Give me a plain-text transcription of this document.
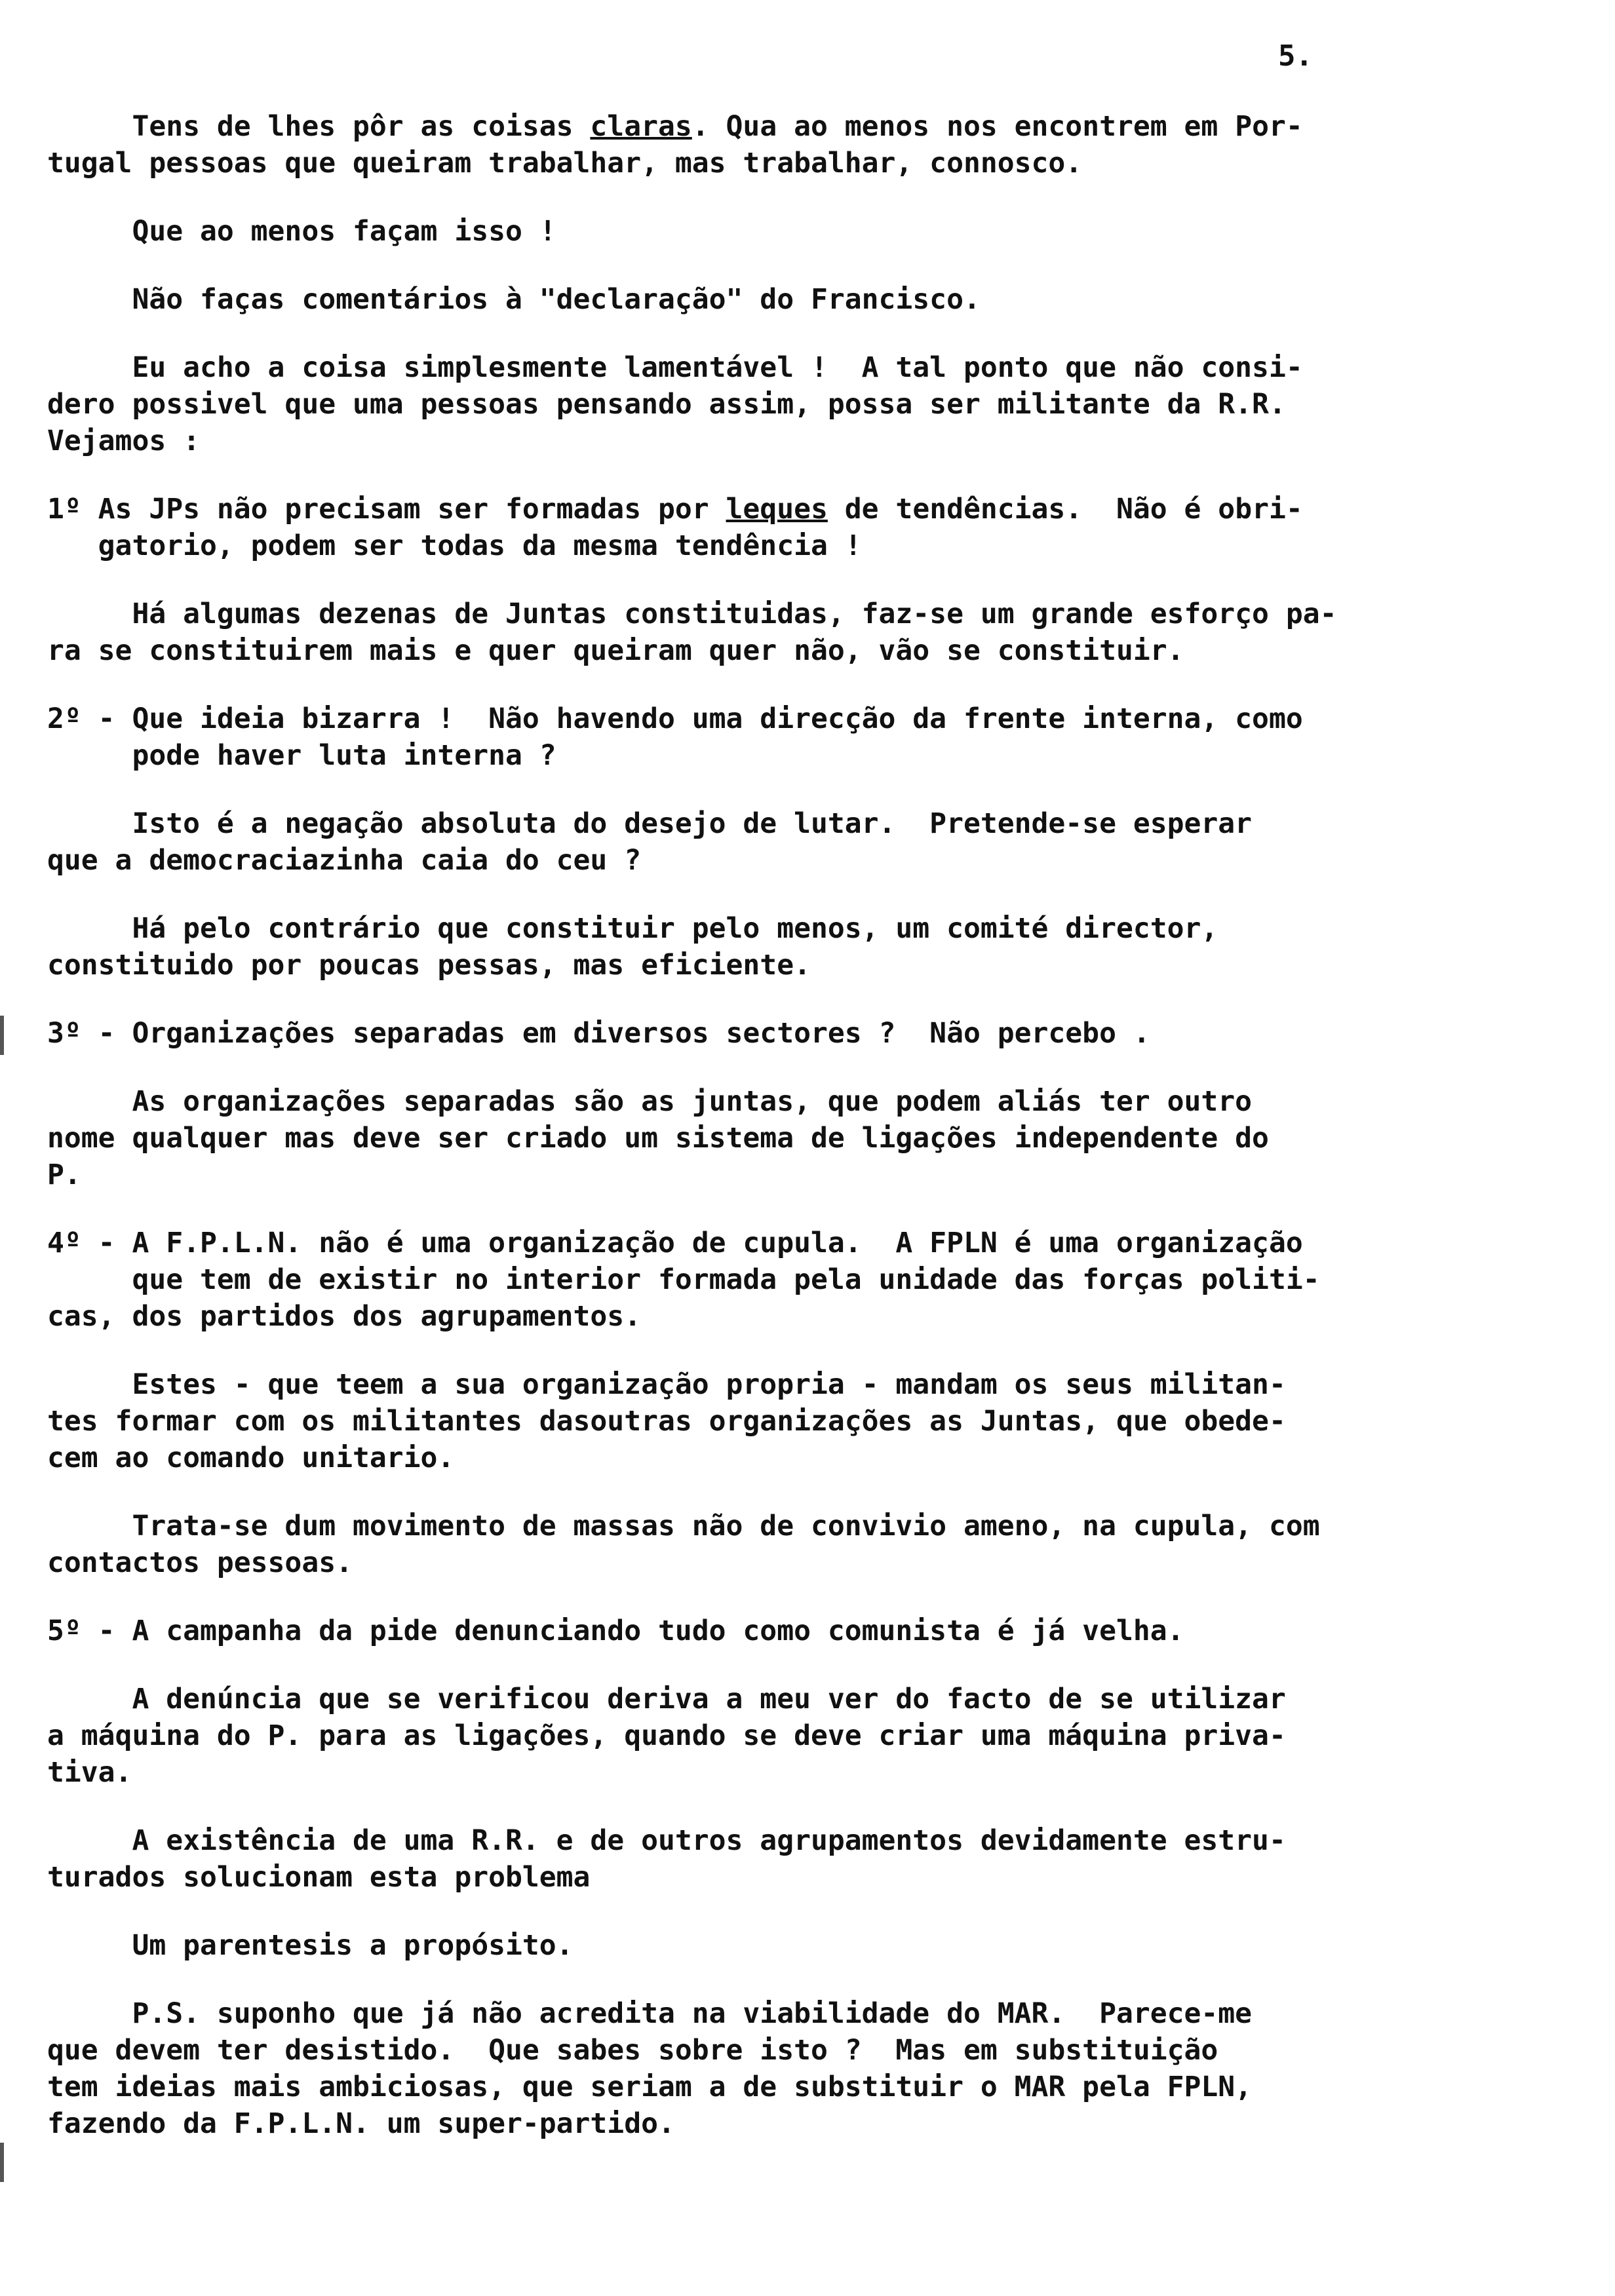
5.
Tens de lhes pôr as coisas claras. Quа ao menos nos encontrem em Por-
tugal pessoas que queiram trabalhar, mas trabalhar, connosco.
Que ao menos façam isso !
Não faças comentários à "declaração" do Francisco.
Eu acho a coisa simplesmente lamentável !  A tal ponto que não consi-
dero possivel que uma pessoas pensando assim, possa ser militante da R.R.
Vejamos :
1º As JPs não precisam ser formadas por leques de tendências.  Não é obri-
gatorio, podem ser todas da mesma tendência !
Há algumas dezenas de Juntas constituidas, faz-se um grande esforço pa-
ra se constituirem mais e quer queiram quer não, vão se constituir.
2º - Que ideia bizarra !  Não havendo uma direcção da frente interna, como
pode haver luta interna ?
Isto é a negação absoluta do desejo de lutar.  Pretende-se esperar
que a democraciazinha caia do ceu ?
Há pelo contrário que constituir pelo menos, um comité director,
constituido por poucas pessas, mas eficiente.
3º - Organizações separadas em diversos sectores ?  Não percebo .
As organizações separadas são as juntas, que podem aliás ter outro
nome qualquer mas deve ser criado um sistema de ligações independente do
P.
4º - A F.P.L.N. não é uma organização de cupula.  A FPLN é uma organização
que tem de existir no interior formada pela unidade das forças politi-
cas, dos partidos dos agrupamentos.
Estes - que teem a sua organização propria - mandam os seus militan-
tes formar com os militantes dasoutras organizações as Juntas, que obede-
cem ao comando unitario.
Trata-se dum movimento de massas não de convivio ameno, na cupula, com
contactos pessoas.
5º - A campanha da pide denunciando tudo como comunista é já velha.
A denúncia que se verificou deriva a meu ver do facto de se utilizar
a máquina do P. para as ligações, quando se deve criar uma máquina priva-
tiva.
A existência de uma R.R. e de outros agrupamentos devidamente estru-
turados solucionam esta problema
Um parentesis a propósito.
P.S. suponho que já não acredita na viabilidade do MAR.  Parece-me
que devem ter desistido.  Que sabes sobre isto ?  Mas em substituição
tem ideias mais ambiciosas, que seriam a de substituir o MAR pela FPLN,
fazendo da F.P.L.N. um super-partido.
